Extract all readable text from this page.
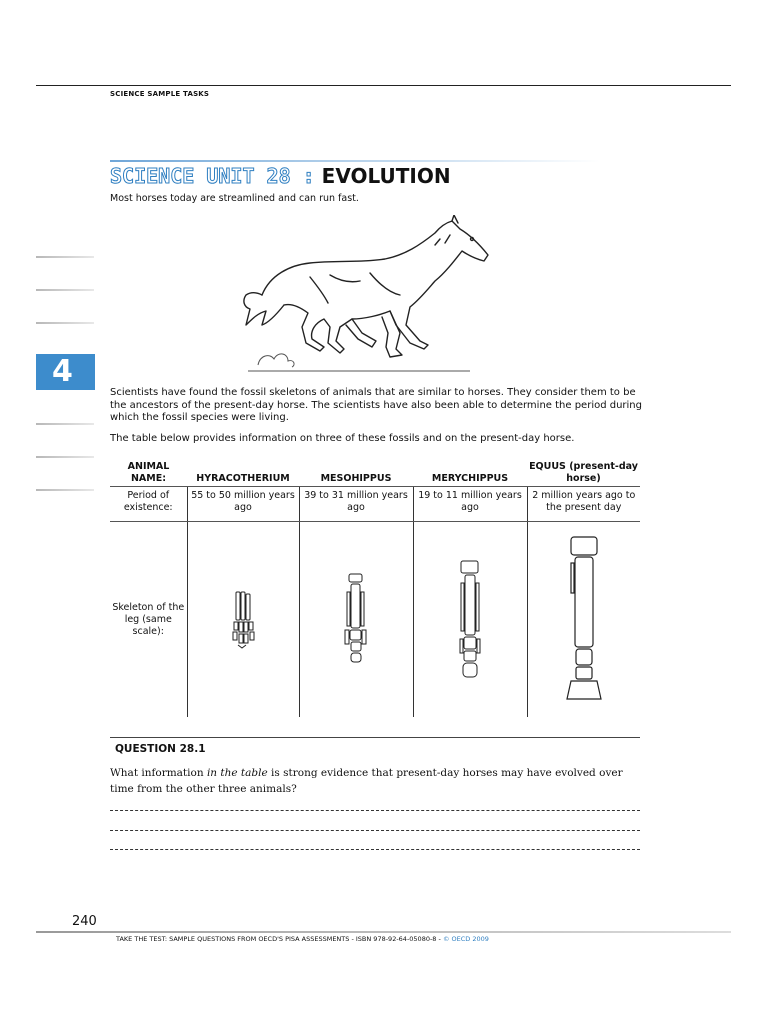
SCIENCE SAMPLE TASKS
SCIENCE UNIT 28 : EVOLUTION
Most horses today are streamlined and can run fast.
4
Scientists have found the fossil skeletons of animals that are similar to horses. They consider them to be the ancestors of the present-day horse. The scientists have also been able to determine the period during which the fossil species were living.
The table below provides information on three of these fossils and on the present-day horse.
ANIMAL NAME:	HYRACOTHERIUM	MESOHIPPUS	MERYCHIPPUS	EQUUS (present-day horse)
Period of existence:	55 to 50 million years ago	39 to 31 million years ago	19 to 11 million years ago	2 million years ago to the present day
Skeleton of the leg (same scale):	

QUESTION 28.1
What information in the table is strong evidence that present-day horses may have evolved over time from the other three animals?
240
TAKE THE TEST: SAMPLE QUESTIONS FROM OECD'S PISA ASSESSMENTS - ISBN 978-92-64-05080-8 - © OECD 2009
